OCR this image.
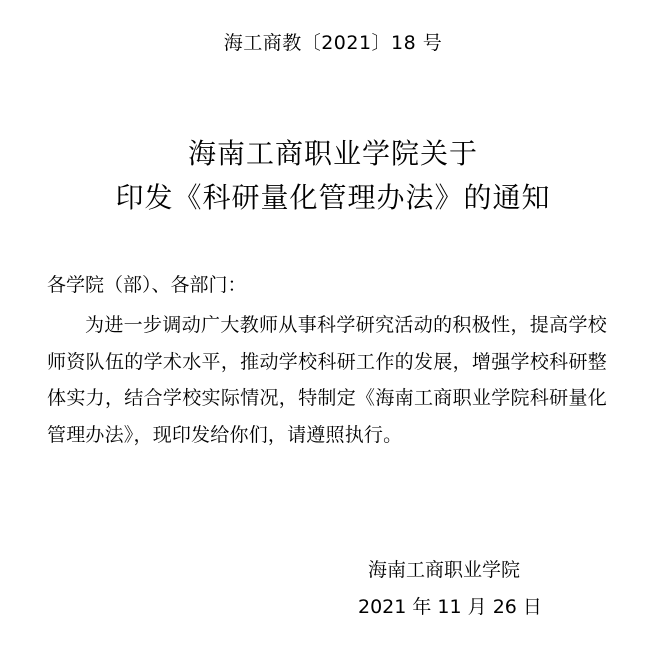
海工商教〔2021〕18 号
海南工商职业学院关于
印发《科研量化管理办法》的通知
各学院（部）、各部门：
为进一步调动广大教师从事科学研究活动的积极性，提高学校师资队伍的学术水平，推动学校科研工作的发展，增强学校科研整体实力，结合学校实际情况，特制定《海南工商职业学院科研量化管理办法》，现印发给你们，请遵照执行。
海南工商职业学院
2021 年 11 月 26 日
